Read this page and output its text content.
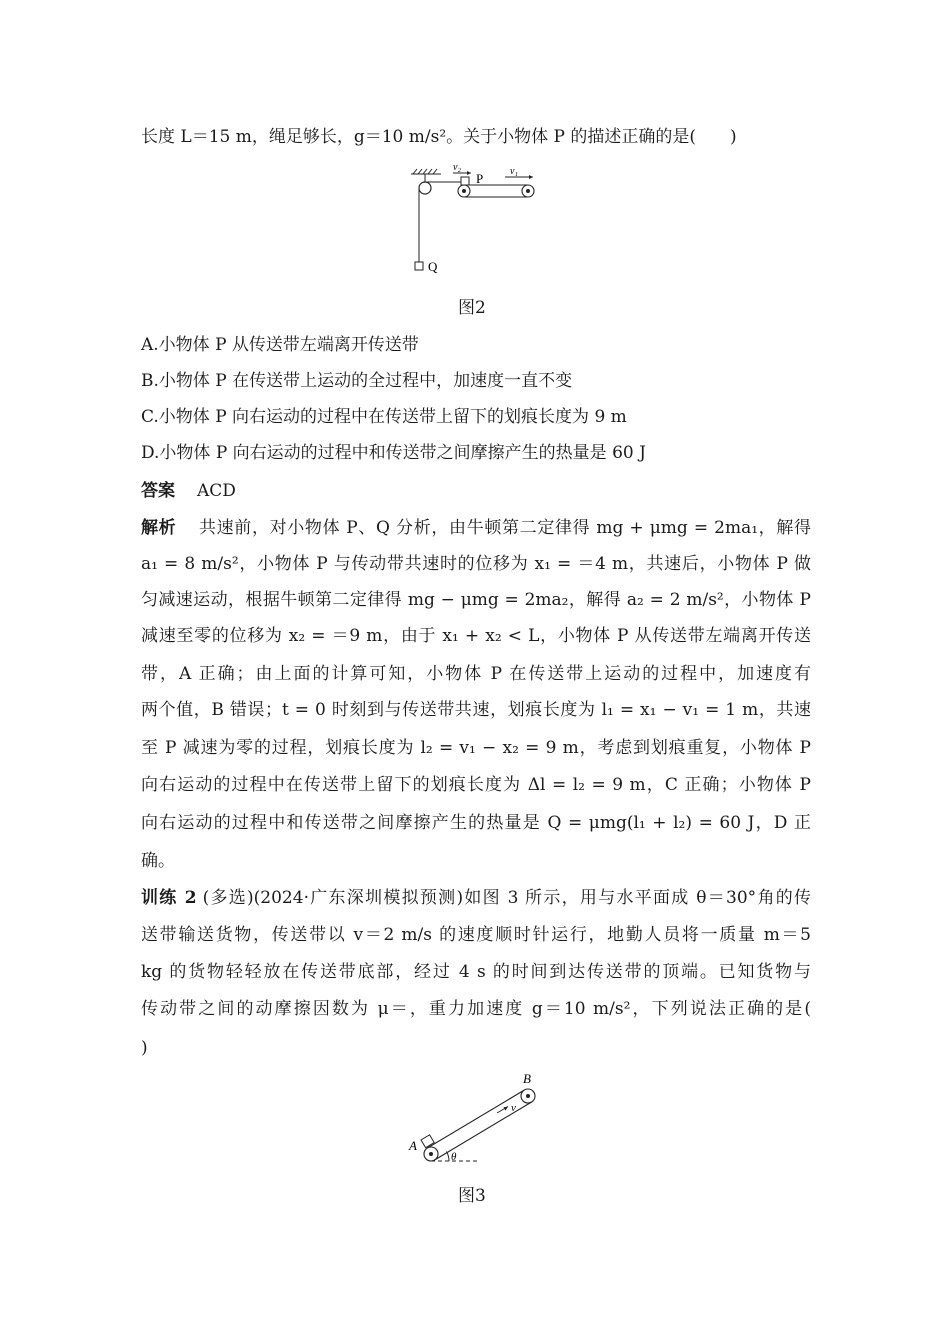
长度 L＝15 m，绳足够长，g＝10 m/s²。关于小物体 P 的描述正确的是(　　)
Q
P
v₂	v₁
图2
A.小物体 P 从传送带左端离开传送带
B.小物体 P 在传送带上运动的全过程中，加速度一直不变
C.小物体 P 向右运动的过程中在传送带上留下的划痕长度为 9 m
D.小物体 P 向右运动的过程中和传送带之间摩擦产生的热量是 60 J
答案 ACD
解析 共速前，对小物体 P、Q 分析，由牛顿第二定律得 mg + μmg = 2ma₁，解得
a₁ = 8 m/s²，小物体 P 与传动带共速时的位移为 x₁ = ＝4 m，共速后，小物体 P 做
匀减速运动，根据牛顿第二定律得 mg − μmg = 2ma₂，解得 a₂ = 2 m/s²，小物体 P
减速至零的位移为 x₂ = ＝9 m，由于 x₁ + x₂ < L，小物体 P 从传送带左端离开传送
带，A 正确；由上面的计算可知，小物体 P 在传送带上运动的过程中，加速度有
两个值，B 错误；t = 0 时刻到与传送带共速，划痕长度为 l₁ = x₁ − v₁ = 1 m，共速
至 P 减速为零的过程，划痕长度为 l₂ = v₁ − x₂ = 9 m，考虑到划痕重复，小物体 P
向右运动的过程中在传送带上留下的划痕长度为 Δl = l₂ = 9 m，C 正确；小物体 P
向右运动的过程中和传送带之间摩擦产生的热量是 Q = μmg(l₁ + l₂) = 60 J，D 正
确。
训练 2 (多选)(2024·广东深圳模拟预测)如图 3 所示，用与水平面成 θ＝30°角的传
送带输送货物，传送带以 v＝2 m/s 的速度顺时针运行，地勤人员将一质量 m＝5
kg 的货物轻轻放在传送带底部，经过 4 s 的时间到达传送带的顶端。已知货物与
传动带之间的动摩擦因数为 μ＝，重力加速度 g＝10 m/s²，下列说法正确的是(
)
θ
A
B
v
图3
